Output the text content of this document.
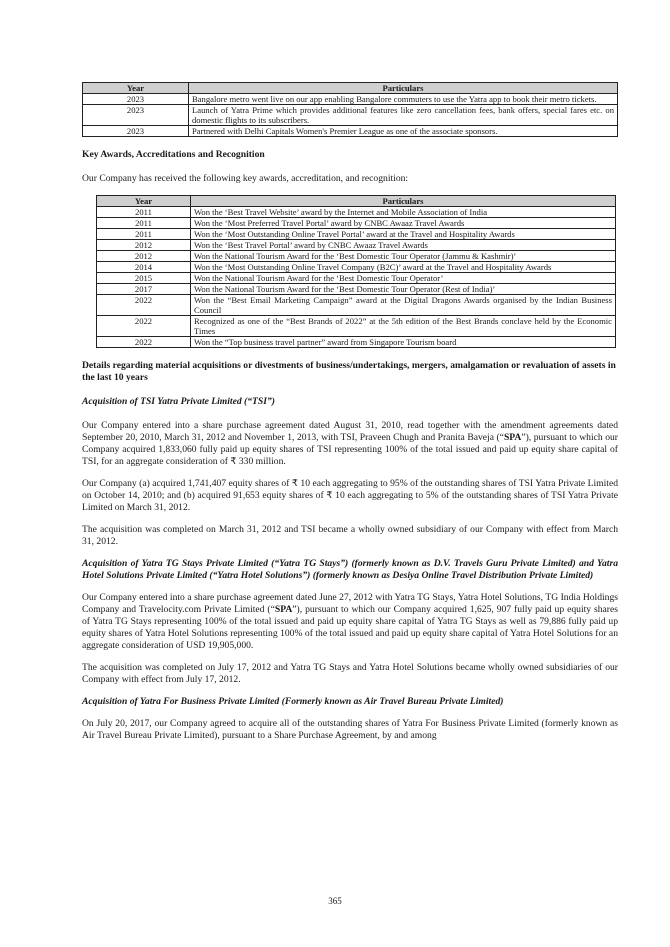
Year	Particulars
2023	Bangalore metro went live on our app enabling Bangalore commuters to use the Yatra app to book their metro tickets.
2023	Launch of Yatra Prime which provides additional features like zero cancellation fees, bank offers, special fares etc. on domestic flights to its subscribers.
2023	Partnered with Delhi Capitals Women's Premier League as one of the associate sponsors.

Key Awards, Accreditations and Recognition

Our Company has received the following key awards, accreditation, and recognition:

Year	Particulars
2011	Won the ‘Best Travel Website’ award by the Internet and Mobile Association of India
2011	Won the ‘Most Preferred Travel Portal’ award by CNBC Awaaz Travel Awards
2011	Won the ‘Most Outstanding Online Travel Portal’ award at the Travel and Hospitality Awards
2012	Won the ‘Best Travel Portal’ award by CNBC Awaaz Travel Awards
2012	Won the National Tourism Award for the ‘Best Domestic Tour Operator (Jammu & Kashmir)’
2014	Won the ‘Most Outstanding Online Travel Company (B2C)’ award at the Travel and Hospitality Awards
2015	Won the National Tourism Award for the ‘Best Domestic Tour Operator’
2017	Won the National Tourism Award for the ‘Best Domestic Tour Operator (Rest of India)’
2022	Won the “Best Email Marketing Campaign” award at the Digital Dragons Awards organised by the Indian Business Council
2022	Recognized as one of the “Best Brands of 2022” at the 5th edition of the Best Brands conclave held by the Economic Times
2022	Won the “Top business travel partner” award from Singapore Tourism board

Details regarding material acquisitions or divestments of business/undertakings, mergers, amalgamation or revaluation of assets in the last 10 years

Acquisition of TSI Yatra Private Limited (“TSI”)

Our Company entered into a share purchase agreement dated August 31, 2010, read together with the amendment agreements dated September 20, 2010, March 31, 2012 and November 1, 2013, with TSI, Praveen Chugh and Pranita Baveja (“SPA”), pursuant to which our Company acquired 1,833,060 fully paid up equity shares of TSI representing 100% of the total issued and paid up equity share capital of TSI, for an aggregate consideration of ₹ 330 million.

Our Company (a) acquired 1,741,407 equity shares of ₹ 10 each aggregating to 95% of the outstanding shares of TSI Yatra Private Limited on October 14, 2010; and (b) acquired 91,653 equity shares of ₹ 10 each aggregating to 5% of the outstanding shares of TSI Yatra Private Limited on March 31, 2012.

The acquisition was completed on March 31, 2012 and TSI became a wholly owned subsidiary of our Company with effect from March 31, 2012.

Acquisition of Yatra TG Stays Private Limited (“Yatra TG Stays”) (formerly known as D.V. Travels Guru Private Limited) and Yatra Hotel Solutions Private Limited (“Yatra Hotel Solutions”) (formerly known as Desiya Online Travel Distribution Private Limited)

Our Company entered into a share purchase agreement dated June 27, 2012 with Yatra TG Stays, Yatra Hotel Solutions, TG India Holdings Company and Travelocity.com Private Limited (“SPA”), pursuant to which our Company acquired 1,625, 907 fully paid up equity shares of Yatra TG Stays representing 100% of the total issued and paid up equity share capital of Yatra TG Stays as well as 79,886 fully paid up equity shares of Yatra Hotel Solutions representing 100% of the total issued and paid up equity share capital of Yatra Hotel Solutions for an aggregate consideration of USD 19,905,000.

The acquisition was completed on July 17, 2012 and Yatra TG Stays and Yatra Hotel Solutions became wholly owned subsidiaries of our Company with effect from July 17, 2012.

Acquisition of Yatra For Business Private Limited (Formerly known as Air Travel Bureau Private Limited)

On July 20, 2017, our Company agreed to acquire all of the outstanding shares of Yatra For Business Private Limited (formerly known as Air Travel Bureau Private Limited), pursuant to a Share Purchase Agreement, by and among

365
